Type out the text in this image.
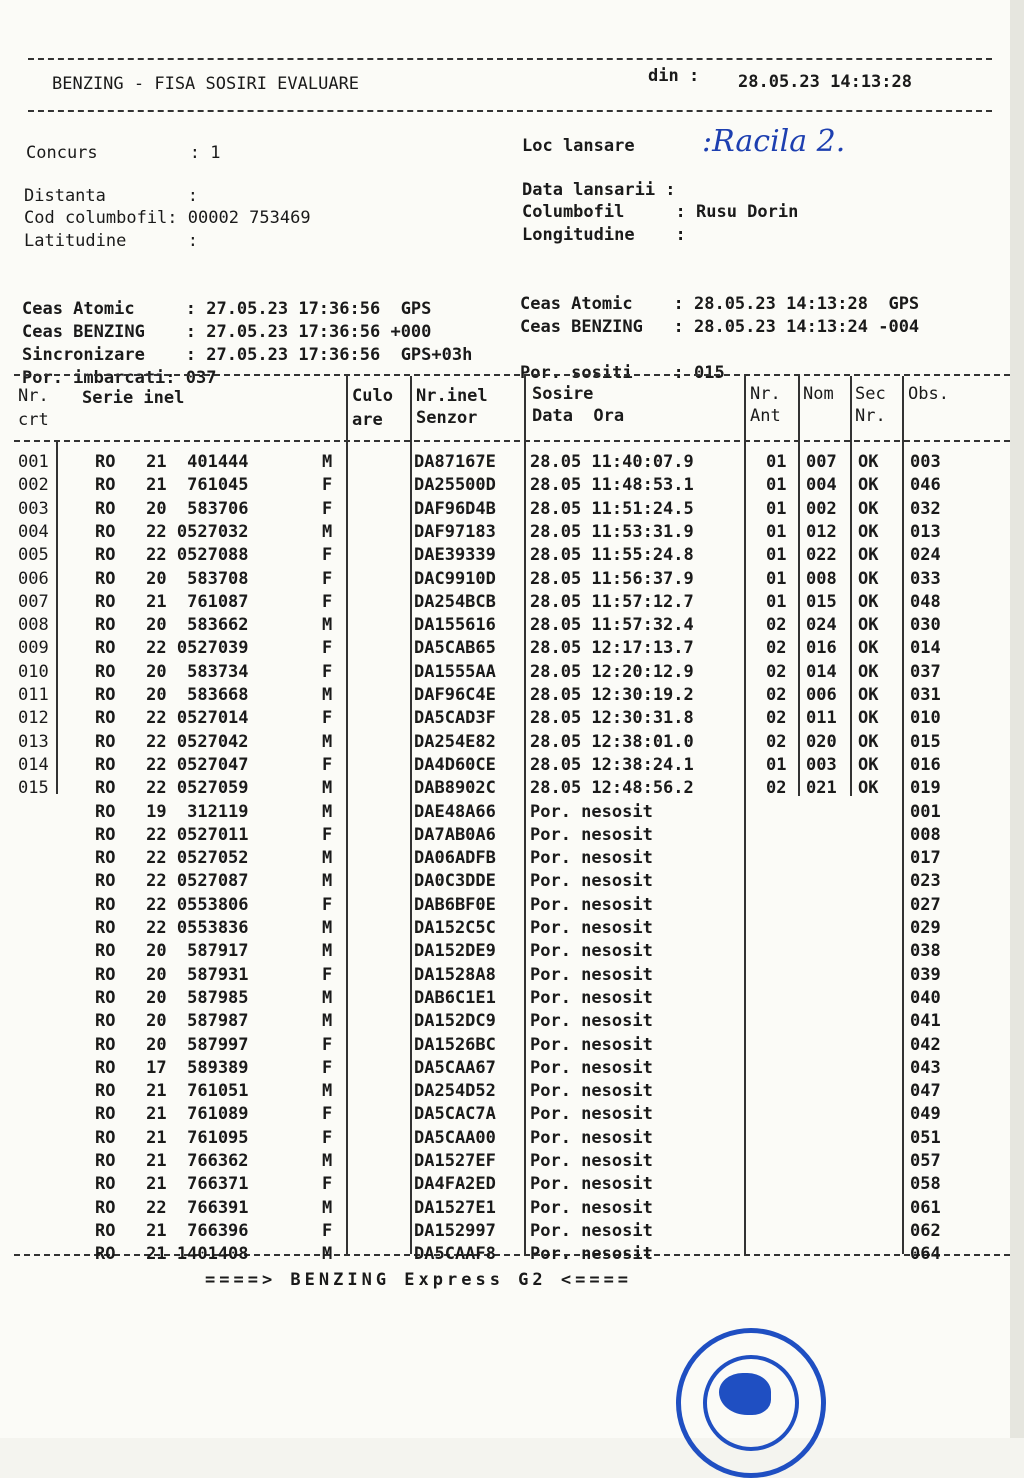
BENZING - FISA SOSIRI EVALUARE	din : 28.05.23 14:13:28
Concurs         : 1
Distanta        :
Cod columbofil: 00002 753469
Latitudine      :
Loc lansare :Racila 2.
Data lansarii :
Columbofil     : Rusu Dorin
Longitudine    :

Ceas Atomic     : 27.05.23 17:36:56  GPS
Ceas BENZING    : 27.05.23 17:36:56 +000
Sincronizare    : 27.05.23 17:36:56  GPS+03h
Por. imbarcati: 037

Ceas Atomic    : 28.05.23 14:13:28  GPS
Ceas BENZING   : 28.05.23 14:13:24 -004

Por. sositi    : 015

Nr.
crt
Serie inel	Culo
are
Nr.inel
Senzor
Sosire
Data  Ora
Nr.
Ant
Nom Sec
Nr.
Obs.
001	RO   21  401444	M	DA87167E 28.05 11:40:07.9	01 007 OK 003
002	RO   21  761045	F	DA25500D 28.05 11:48:53.1	01 004 OK 046
003	RO   20  583706	F	DAF96D4B 28.05 11:51:24.5	01 002 OK 032
004	RO   22 0527032	M	DAF97183 28.05 11:53:31.9	01 012 OK 013
005	RO   22 0527088	F	DAE39339 28.05 11:55:24.8	01 022 OK 024
006	RO   20  583708	F	DAC9910D 28.05 11:56:37.9	01 008 OK 033
007	RO   21  761087	F	DA254BCB 28.05 11:57:12.7	01 015 OK 048
008	RO   20  583662	M	DA155616 28.05 11:57:32.4	02 024 OK 030
009	RO   22 0527039	F	DA5CAB65 28.05 12:17:13.7	02 016 OK 014
010	RO   20  583734	F	DA1555AA 28.05 12:20:12.9	02 014 OK 037
011	RO   20  583668	M	DAF96C4E 28.05 12:30:19.2	02 006 OK 031
012	RO   22 0527014	F	DA5CAD3F 28.05 12:30:31.8	02 011 OK 010
013	RO   22 0527042	M	DA254E82 28.05 12:38:01.0	02 020 OK 015
014	RO   22 0527047	F	DA4D60CE 28.05 12:38:24.1	01 003 OK 016
015	RO   22 0527059	M	DAB8902C 28.05 12:48:56.2	02 021 OK 019
RO   19  312119	M	DAE48A66 Por. nesosit	001
RO   22 0527011	F	DA7AB0A6 Por. nesosit	008
RO   22 0527052	M	DA06ADFB Por. nesosit	017
RO   22 0527087	M	DA0C3DDE Por. nesosit	023
RO   22 0553806	F	DAB6BF0E Por. nesosit	027
RO   22 0553836	M	DA152C5C Por. nesosit	029
RO   20  587917	M	DA152DE9 Por. nesosit	038
RO   20  587931	F	DA1528A8 Por. nesosit	039
RO   20  587985	M	DAB6C1E1 Por. nesosit	040
RO   20  587987	M	DA152DC9 Por. nesosit	041
RO   20  587997	F	DA1526BC Por. nesosit	042
RO   17  589389	F	DA5CAA67 Por. nesosit	043
RO   21  761051	M	DA254D52 Por. nesosit	047
RO   21  761089	F	DA5CAC7A Por. nesosit	049
RO   21  761095	F	DA5CAA00 Por. nesosit	051
RO   21  766362	M	DA1527EF Por. nesosit	057
RO   21  766371	F	DA4FA2ED Por. nesosit	058
RO   22  766391	M	DA1527E1 Por. nesosit	061
RO   21  766396	F	DA152997 Por. nesosit	062
RO   21 1401408	M	DA5CAAF8 Por. nesosit	064
====> BENZING Express G2 <====
